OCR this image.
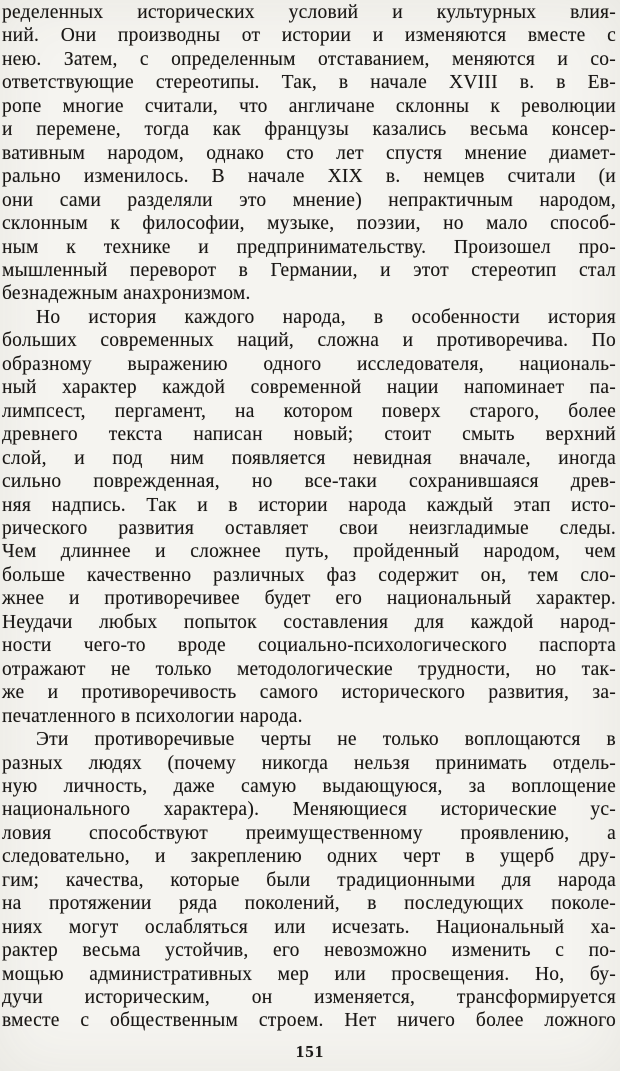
ределенных исторических условий и культурных влия-
ний. Они производны от истории и изменяются вместе с
нею. Затем, с определенным отставанием, меняются и со-
ответствующие стереотипы. Так, в начале XVIII в. в Ев-
ропе многие считали, что англичане склонны к революции
и перемене, тогда как французы казались весьма консер-
вативным народом, однако сто лет спустя мнение диамет-
рально изменилось. В начале XIX в. немцев считали (и
они сами разделяли это мнение) непрактичным народом,
склонным к философии, музыке, поэзии, но мало способ-
ным к технике и предпринимательству. Произошел про-
мышленный переворот в Германии, и этот стереотип стал
безнадежным анахронизмом.

Но история каждого народа, в особенности история
больших современных наций, сложна и противоречива. По
образному выражению одного исследователя, националь-
ный характер каждой современной нации напоминает па-
лимпсест, пергамент, на котором поверх старого, более
древнего текста написан новый; стоит смыть верхний
слой, и под ним появляется невидная вначале, иногда
сильно поврежденная, но все-таки сохранившаяся древ-
няя надпись. Так и в истории народа каждый этап исто-
рического развития оставляет свои неизгладимые следы.
Чем длиннее и сложнее путь, пройденный народом, чем
больше качественно различных фаз содержит он, тем сло-
жнее и противоречивее будет его национальный характер.
Неудачи любых попыток составления для каждой народ-
ности чего-то вроде социально-психологического паспорта
отражают не только методологические трудности, но так-
же и противоречивость самого исторического развития, за-
печатленного в психологии народа.

Эти противоречивые черты не только воплощаются в
разных людях (почему никогда нельзя принимать отдель-
ную личность, даже самую выдающуюся, за воплощение
национального характера). Меняющиеся исторические ус-
ловия способствуют преимущественному проявлению, а
следовательно, и закреплению одних черт в ущерб дру-
гим; качества, которые были традиционными для народа
на протяжении ряда поколений, в последующих поколе-
ниях могут ослабляться или исчезать. Национальный ха-
рактер весьма устойчив, его невозможно изменить с по-
мощью административных мер или просвещения. Но, бу-
дучи историческим, он изменяется, трансформируется
вместе с общественным строем. Нет ничего более ложного

151
